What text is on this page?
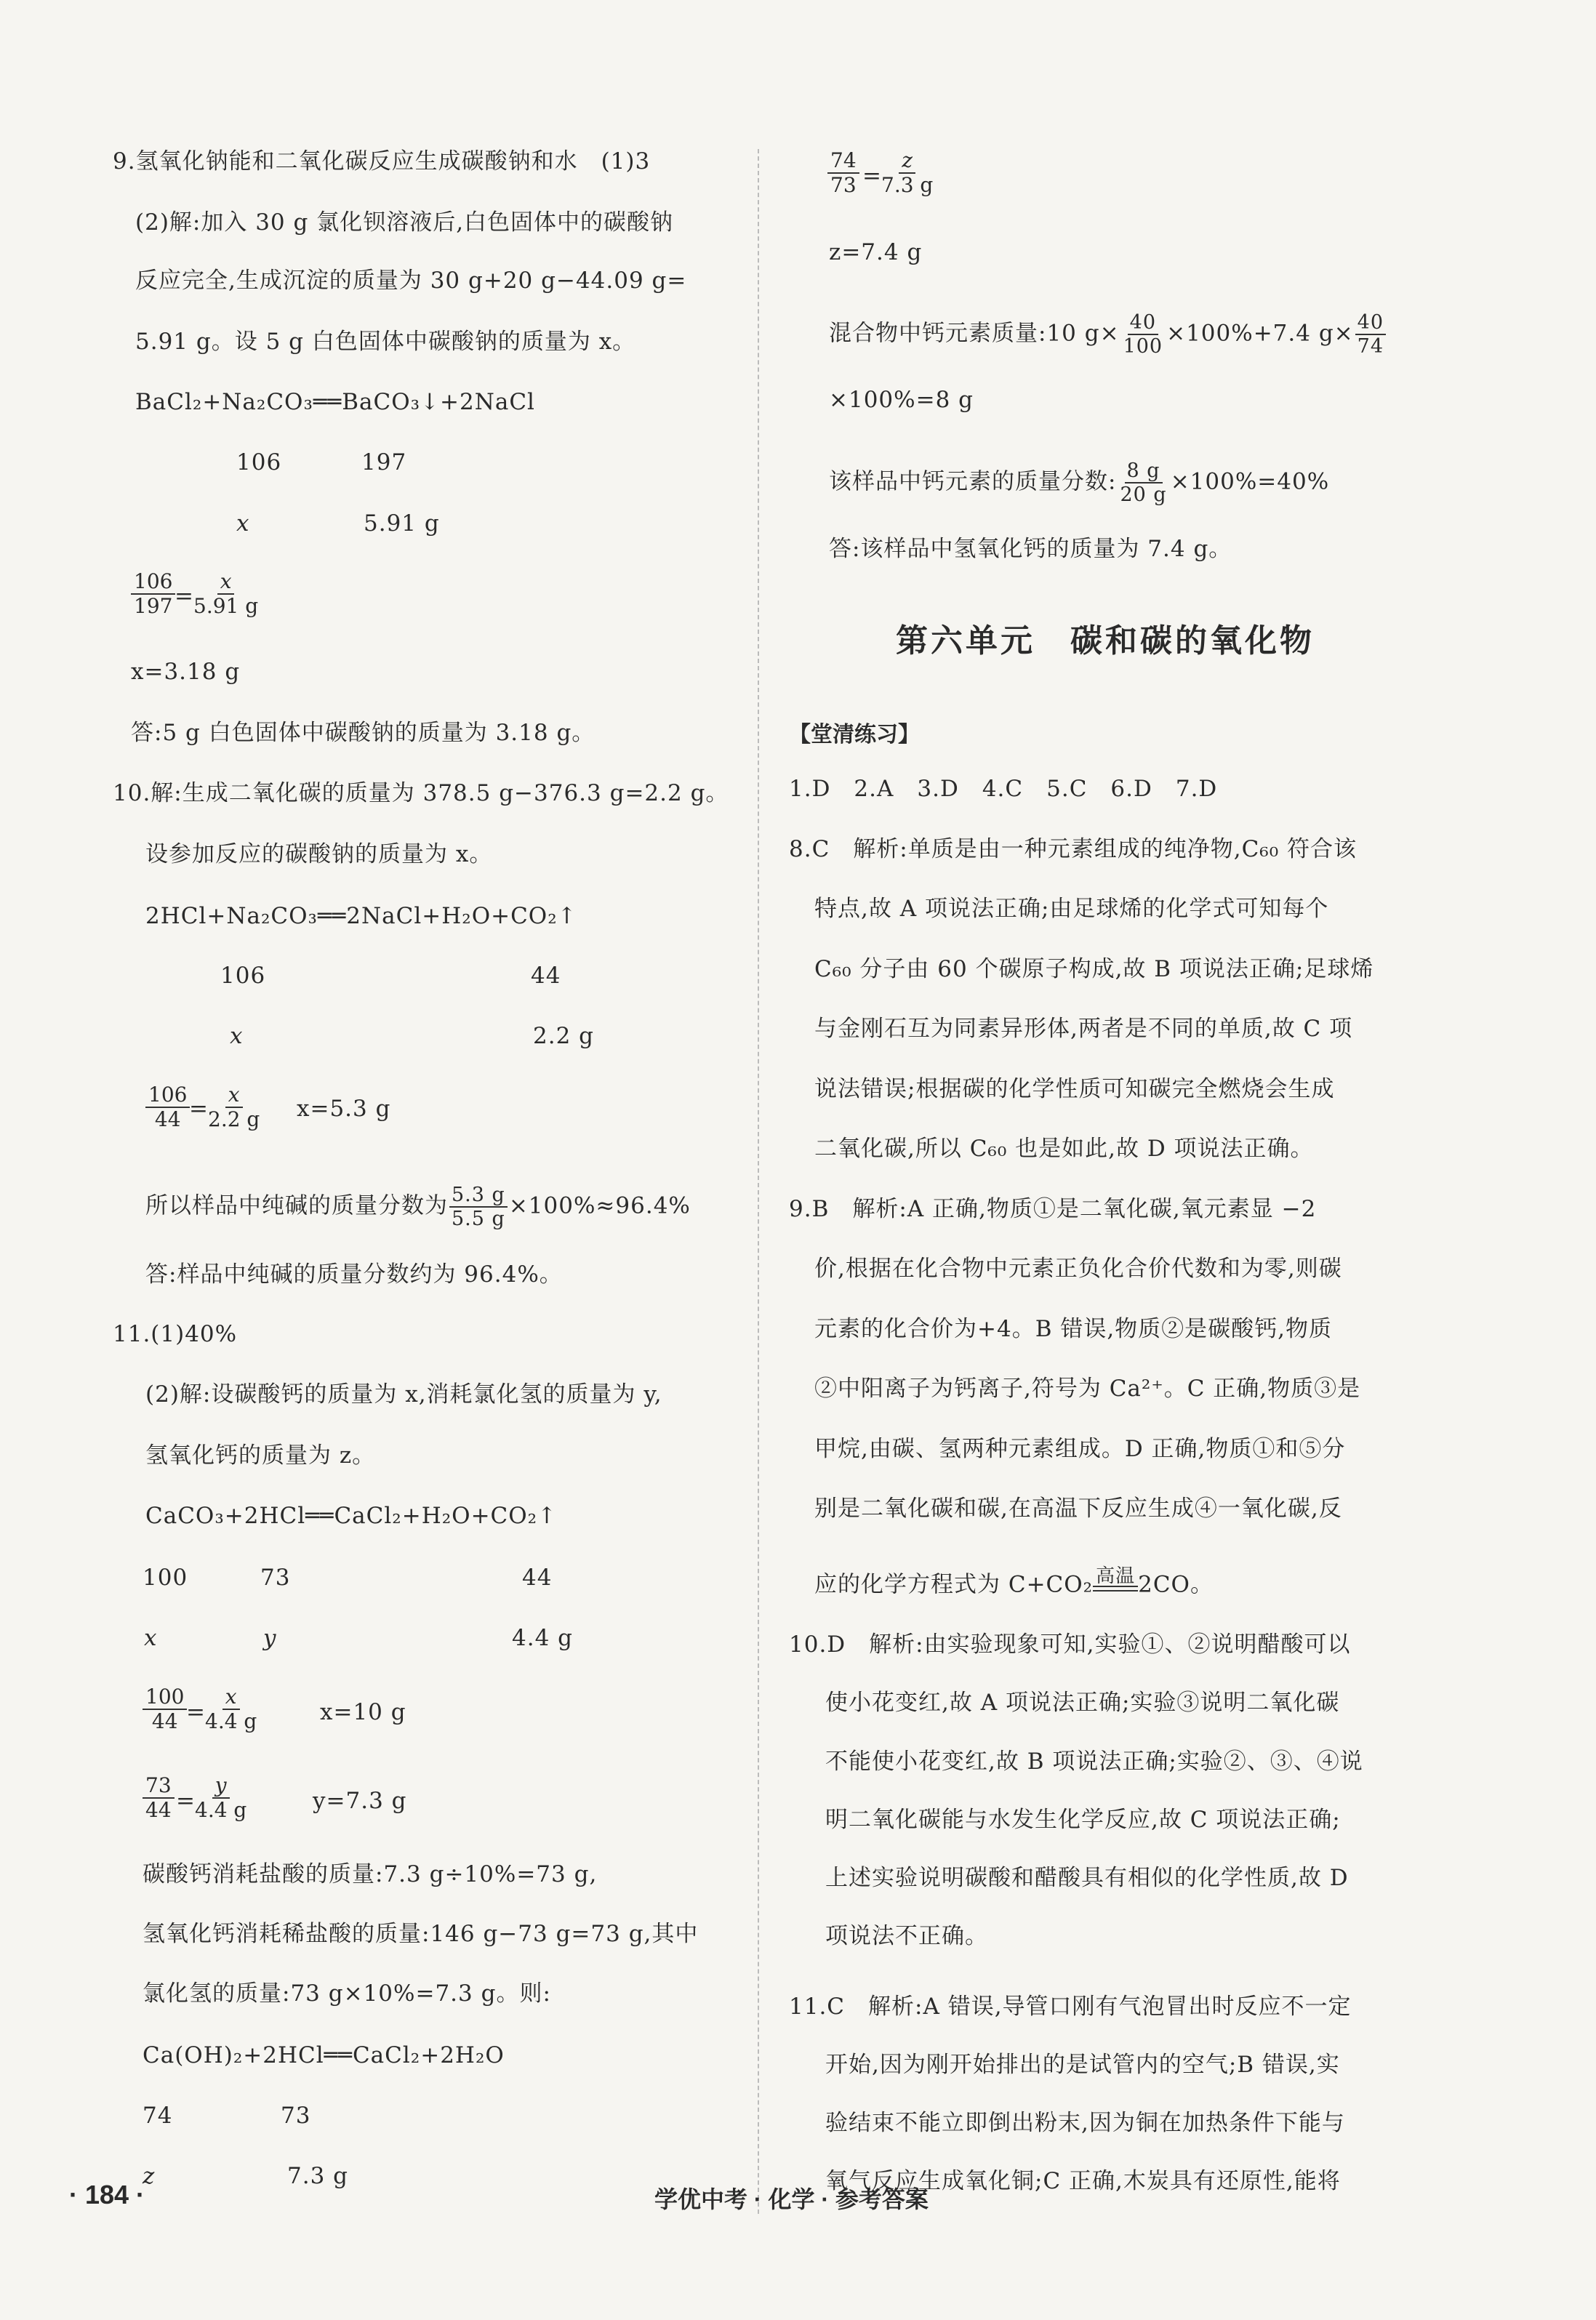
9.氢氧化钠能和二氧化碳反应生成碳酸钠和水　(1)3
(2)解:加入 30 g 氯化钡溶液后,白色固体中的碳酸钠
反应完全,生成沉淀的质量为 30 g+20 g−44.09 g=
5.91 g。设 5 g 白色固体中碳酸钠的质量为 x。
BaCl₂+Na₂CO₃══BaCO₃↓+2NaCl
106	197
x	5.91 g
$\frac{106}{197}$
=
$\frac{x}{5.91 g}$
x=3.18 g
答:5 g 白色固体中碳酸钠的质量为 3.18 g。
10.解:生成二氧化碳的质量为 378.5 g−376.3 g=2.2 g。
设参加反应的碳酸钠的质量为 x。
2HCl+Na₂CO₃══2NaCl+H₂O+CO₂↑
106	44
x	2.2 g
$\frac{106}{44}$
=
$\frac{x}{2.2 g} x=5.3$ g
所以样品中纯碱的质量分数为 $\frac{5.3 g}{5.5 g} \times 100\%\approx 96.4\%$
答:样品中纯碱的质量分数约为 96.4%。
11.(1)40%
(2)解:设碳酸钙的质量为 x,消耗氯化氢的质量为 y,
氢氧化钙的质量为 z。
CaCO₃+2HCl══CaCl₂+H₂O+CO₂↑
100	73	44
x	y	4.4 g
$\frac{100}{44}$
=
$\frac{x}{4.4 g}$	x=10 g
$\frac{73}{44}$ =
$\frac{y}{4.4 g}$	y=7.3 g
碳酸钙消耗盐酸的质量:7.3 g÷10%=73 g,
氢氧化钙消耗稀盐酸的质量:146 g−73 g=73 g,其中
氯化氢的质量:73 g×10%=7.3 g。则:
Ca(OH)₂+2HCl══CaCl₂+2H₂O
74	73
z	7.3 g
$\frac{74}{73}$ =
$\frac{z}{7.3 g}$
z=7.4 g
混合物中钙元素质量:10 $g\times \frac{40}{100} \times 100\%+7.4$ $g\times \frac{40}{74}$
×100%=8 g
该样品中钙元素的质量分数: $\frac{8 g}{20 g} \times 100\%=40\%$
答:该样品中氢氧化钙的质量为 7.4 g。
第六单元　碳和碳的氧化物
【堂清练习】
1.D　2.A　3.D　4.C　5.C　6.D　7.D
8.C　解析:单质是由一种元素组成的纯净物,C₆₀ 符合该
特点,故 A 项说法正确;由足球烯的化学式可知每个
C₆₀ 分子由 60 个碳原子构成,故 B 项说法正确;足球烯
与金刚石互为同素异形体,两者是不同的单质,故 C 项
说法错误;根据碳的化学性质可知碳完全燃烧会生成
二氧化碳,所以 C₆₀ 也是如此,故 D 项说法正确。
9.B　解析:A 正确,物质①是二氧化碳,氧元素显 −2
价,根据在化合物中元素正负化合价代数和为零,则碳
元素的化合价为+4。B 错误,物质②是碳酸钙,物质
②中阳离子为钙离子,符号为 Ca²⁺。C 正确,物质③是
甲烷,由碳、氢两种元素组成。D 正确,物质①和⑤分
别是二氧化碳和碳,在高温下反应生成④一氧化碳,反
应的化学方程式为 C+CO₂ 高温 2CO。
10.D　解析:由实验现象可知,实验①、②说明醋酸可以
使小花变红,故 A 项说法正确;实验③说明二氧化碳
不能使小花变红,故 B 项说法正确;实验②、③、④说
明二氧化碳能与水发生化学反应,故 C 项说法正确;
上述实验说明碳酸和醋酸具有相似的化学性质,故 D
项说法不正确。
11.C　解析:A 错误,导管口刚有气泡冒出时反应不一定
开始,因为刚开始排出的是试管内的空气;B 错误,实
验结束不能立即倒出粉末,因为铜在加热条件下能与
氧气反应生成氧化铜;C 正确,木炭具有还原性,能将
· 184 ·	学优中考 · 化学 · 参考答案
